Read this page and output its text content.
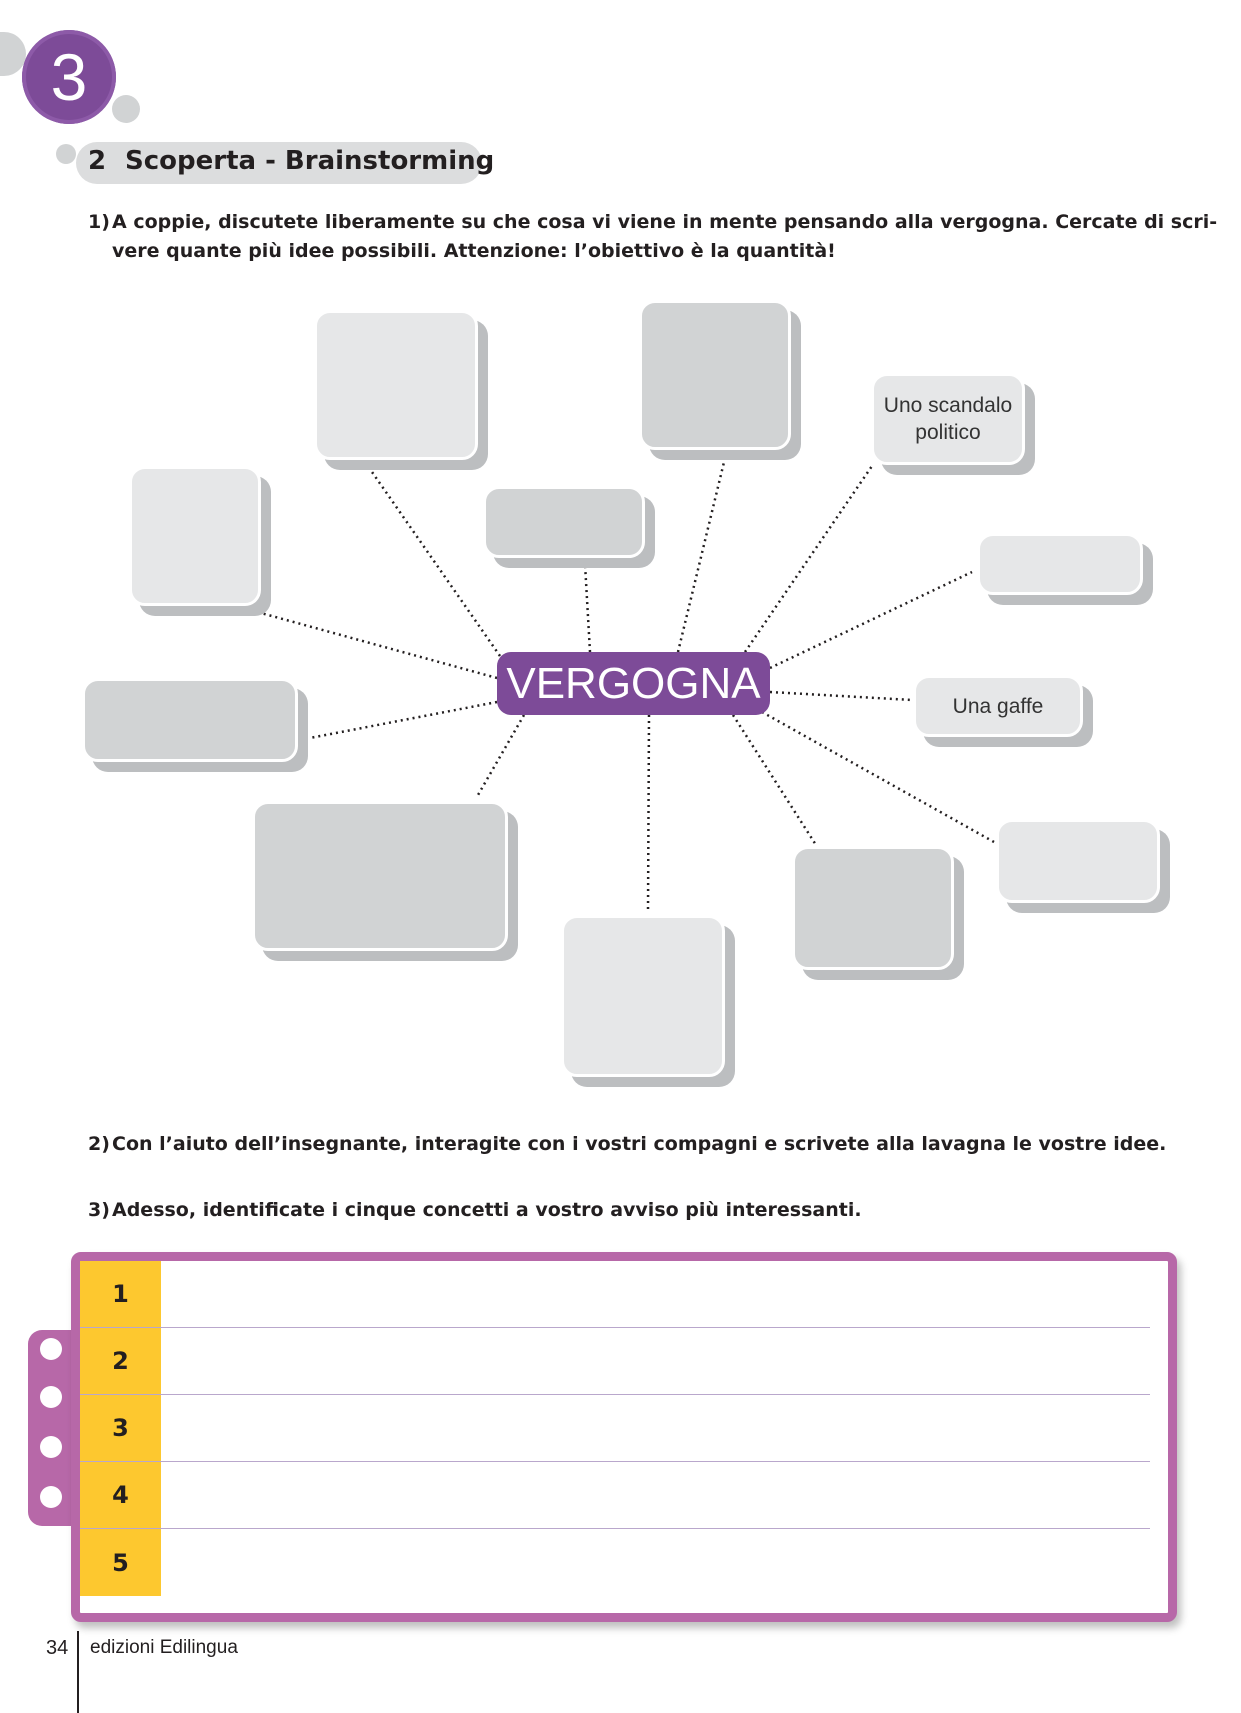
3
2 Scoperta - Brainstorming
1) A coppie, discutete liberamente su che cosa vi viene in mente pensando alla vergogna. Cercate di scri-
vere quante più idee possibili. Attenzione: l’obiettivo è la quantità!
Uno scandalo
politico
Una gaffe
VERGOGNA
2) Con l’aiuto dell’insegnante, interagite con i vostri compagni e scrivete alla lavagna le vostre idee.
3) Adesso, identificate i cinque concetti a vostro avviso più interessanti.
1
2
3
4
5
34 edizioni Edilingua
